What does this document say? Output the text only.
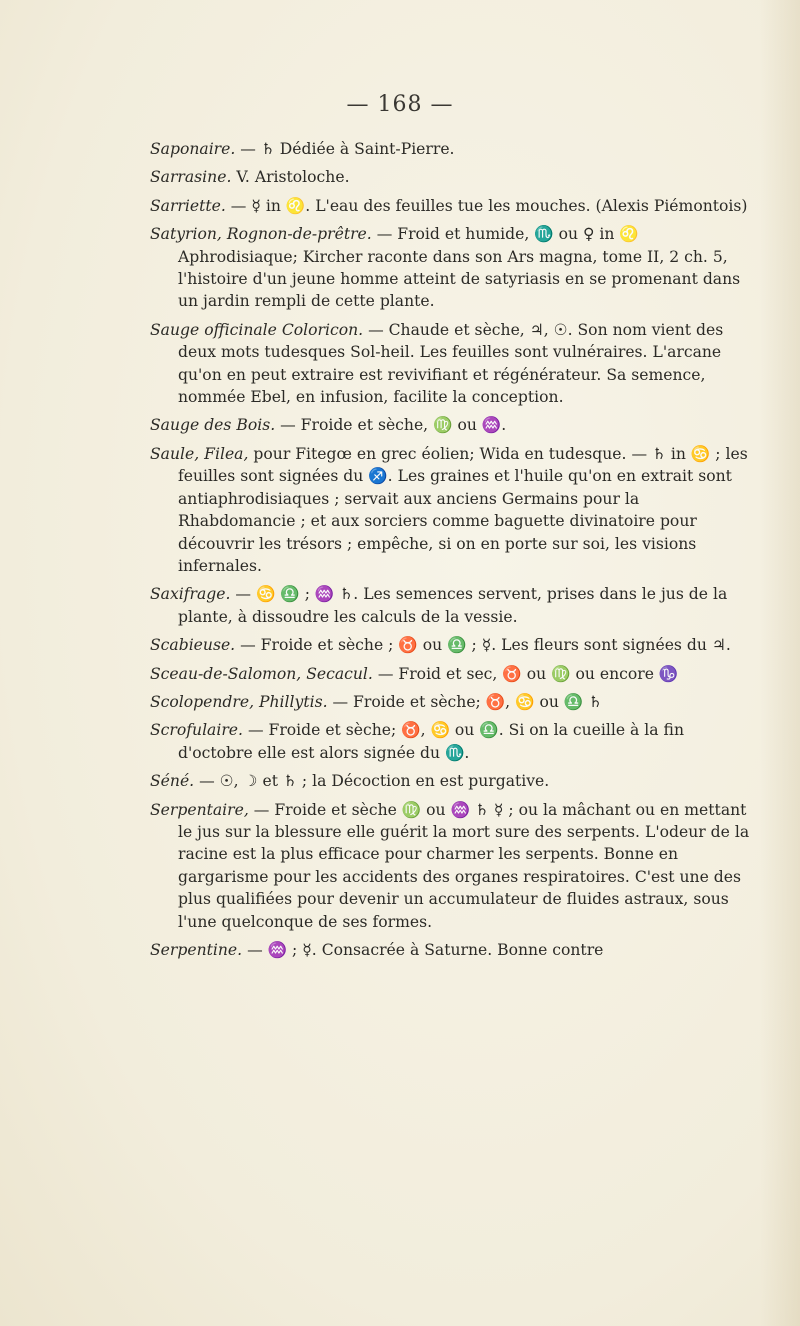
— 168 —

Saponaire. — ♄ Dédiée à Saint-Pierre.

Sarrasine. V. Aristoloche.

Sarriette. — ☿ in ♌. L'eau des feuilles tue les mouches. (Alexis Piémontois)

Satyrion, Rognon-de-prêtre. — Froid et humide, ♏ ou ♀ in ♌ Aphrodisiaque; Kircher raconte dans son Ars magna, tome II, 2 ch. 5, l'histoire d'un jeune homme atteint de satyriasis en se promenant dans un jardin rempli de cette plante.

Sauge officinale Coloricon. — Chaude et sèche, ♃, ☉. Son nom vient des deux mots tudesques Sol-heil. Les feuilles sont vulnéraires. L'arcane qu'on en peut extraire est revivifiant et régénérateur. Sa semence, nommée Ebel, en infusion, facilite la conception.

Sauge des Bois. — Froide et sèche, ♍ ou ♒.

Saule, Filea, pour Fitegœ en grec éolien; Wida en tudesque. — ♄ in ♋ ; les feuilles sont signées du ♐. Les graines et l'huile qu'on en extrait sont antiaphrodisiaques ; servait aux anciens Germains pour la Rhabdomancie ; et aux sorciers comme baguette divinatoire pour découvrir les trésors ; empêche, si on en porte sur soi, les visions infernales.

Saxifrage. — ♋ ♎ ; ♒ ♄. Les semences servent, prises dans le jus de la plante, à dissoudre les calculs de la vessie.

Scabieuse. — Froide et sèche ; ♉ ou ♎ ; ☿. Les fleurs sont signées du ♃.

Sceau-de-Salomon, Secacul. — Froid et sec, ♉ ou ♍ ou encore ♑

Scolopendre, Phillytis. — Froide et sèche; ♉, ♋ ou ♎ ♄

Scrofulaire. — Froide et sèche; ♉, ♋ ou ♎. Si on la cueille à la fin d'octobre elle est alors signée du ♏.

Séné. — ☉, ☽ et ♄ ; la Décoction en est purgative.

Serpentaire, — Froide et sèche ♍ ou ♒ ♄ ☿ ; ou la mâchant ou en mettant le jus sur la blessure elle guérit la mort sure des serpents. L'odeur de la racine est la plus efficace pour charmer les serpents. Bonne en gargarisme pour les accidents des organes respiratoires. C'est une des plus qualifiées pour devenir un accumulateur de fluides astraux, sous l'une quelconque de ses formes.

Serpentine. — ♒ ; ☿. Consacrée à Saturne. Bonne contre
